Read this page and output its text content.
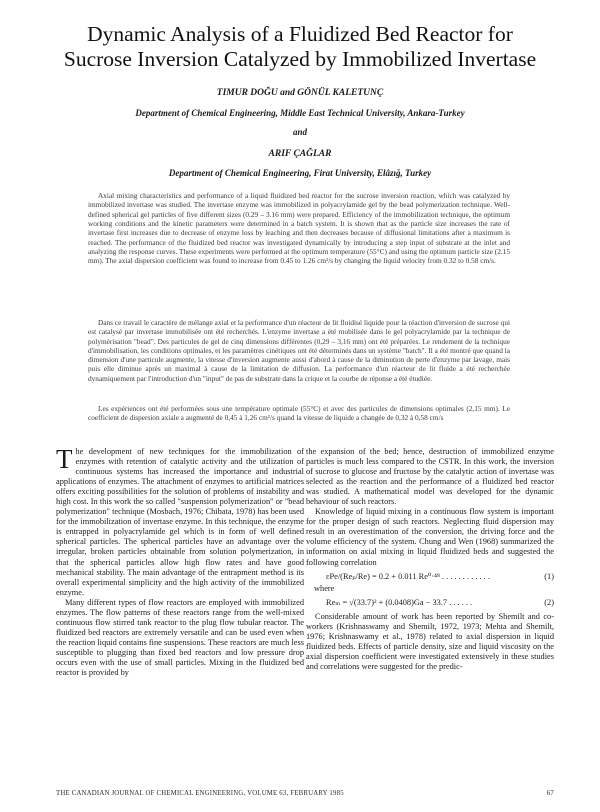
Dynamic Analysis of a Fluidized Bed Reactor for
Sucrose Inversion Catalyzed by Immobilized Invertase
TIMUR DOĞU and GÖNÜL KALETUNÇ
Department of Chemical Engineering, Middle East Technical University, Ankara-Turkey
and
ARIF ÇAĞLAR
Department of Chemical Engineering, Firat University, Elâzığ, Turkey

Axial mixing characteristics and performance of a liquid fluidized bed reactor for the sucrose inversion reaction, which was catalyzed by immobilized invertase was studied. The invertase enzyme was immobilized in polyacrylamide gel by the bead polymerization technique. Well-defined spherical gel particles of five different sizes (0.29 – 3.16 mm) were prepared. Efficiency of the immobilization technique, the optimum working conditions and the kinetic parameters were determined in a batch system. It is shown that as the particle size increases the rate of invertase first increases due to decrease of enzyme loss by leaching and then decreases because of diffusional limitations after a maximum is reached. The performance of the fluidized bed reactor was investigated dynamically by introducing a step input of substrate at the inlet and analyzing the response curves. These experiments were performed at the optimum temperature (55°C) and using the optimum particle size (2.15 mm). The axial dispersion coefficient was found to increase from 0.45 to 1.26 cm²/s by changing the liquid velocity from 0.32 to 0.58 cm/s.

Dans ce travail le caractère de mélange axial et la performance d'un réacteur de lit fluidisé liquide pour la réaction d'inversion de sucrose qui est catalysé par invertase immobilisée ont été recherchés. L'enzyme invertase a été mobilisée dans le gel polyacrylamide par la technique de polymérisation "bead". Des particules de gel de cinq dimensions différentes (0,29 – 3,16 mm) ont été préparées. Le rendement de la technique d'immobilisation, les conditions optimales, et les paramètres cinétiques ont été déterminés dans un système "batch". Il a été montré que quand la dimension d'une particule augmente, la vitesse d'inversion augmente aussi d'abord à cause de la diminution de perte d'enzyme par lavage, mais puis elle diminue après un maximal à cause de la limitation de diffusion. La performance d'un réacteur de lit fluide a été recherchée dynamiquement par l'introduction d'un "input" de pas de substrate dans la crique et la courbe de réponse a été étudiée.

Les expériences ont été performées sous une température optimale (55°C) et avec des particules de dimensions optimales (2,15 mm). Le coefficient de dispersion axiale a augmenté de 0,45 à 1,26 cm²/s quand la vitesse de liquide a changée de 0,32 à 0,58 cm/s

The development of new techniques for the immobilization of enzymes with retention of catalytic activity and the utilization of continuous systems has increased the importance and industrial applications of enzymes. The attachment of enzymes to artificial matrices offers exciting possibilities for the solution of problems of instability and high cost. In this work the so called "suspension polymerization" or "bead polymerization" technique (Mosbach, 1976; Chibata, 1978) has been used for the immobilization of invertase enzyme. In this technique, the enzyme is entrapped in polyacrylamide gel which is in form of well defined spherical particles. The spherical particles have an advantage over the irregular, broken particles obtainable from solution polymerization, in that the spherical particles allow high flow rates and have good mechanical stability. The main advantage of the entrapment method is its overall experimental simplicity and the high activity of the immobilized enzyme.

Many different types of flow reactors are employed with immobilized enzymes. The flow patterns of these reactors range from the well-mixed continuous flow stirred tank reactor to the plug flow tubular reactor. The fluidized bed reactors are extremely versatile and can be used even when the reaction liquid contains fine suspensions. These reactors are much less susceptible to plugging than fixed bed reactors and low pressure drop occurs even with the use of small particles. Mixing in the fluidized bed reactor is provided by

the expansion of the bed; hence, destruction of immobilized enzyme particles is much less compared to the CSTR. In this work, the inversion of sucrose to glucose and fructose by the catalytic action of invertase was selected as the reaction and the performance of a fluidized bed reactor was studied. A mathematical model was developed for the dynamic behaviour of such reactors.

Knowledge of liquid mixing in a continuous flow system is important for the proper design of such reactors. Neglecting fluid dispersion may result in an overestimation of the conversion, the driving force and the volume efficiency of the system. Chung and Wen (1968) summarized the information on axial mixing in liquid fluidized beds and suggested the following correlation

εPe/(Reₚ/Re) = 0.2 + 0.011 Re⁰·⁴⁸ . . . . . . . . . . . .	(1)
where
Reₘ = √(33.7)² + (0.0408)Ga − 33.7 . . . . . .	(2)

Considerable amount of work has been reported by Shemilt and co-workers (Krishnaswamy and Shemilt, 1972, 1973; Mehta and Shemilt, 1976; Krishnaswamy et al., 1978) related to axial dispersion in liquid fluidized beds. Effects of particle density, size and liquid viscosity on the axial dispersion coefficient were investigated extensively in these studies and correlations were suggested for the predic-

THE CANADIAN JOURNAL OF CHEMICAL ENGINEERING, VOLUME 63, FEBRUARY 1985	67
